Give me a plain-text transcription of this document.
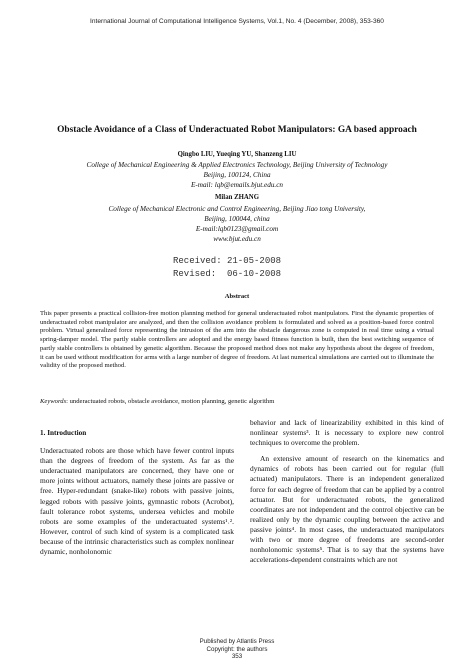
International Journal of Computational Intelligence Systems, Vol.1, No. 4 (December, 2008), 353-360
Obstacle Avoidance of a Class of Underactuated Robot Manipulators: GA based approach
Qingbo LIU, Yueqing YU, Shanzeng LIU
College of Mechanical Engineering & Applied Electronics Technology, Beijing University of Technology
Beijing, 100124, China
E-mail: lqb@emails.bjut.edu.cn
Milan ZHANG
College of Mechanical Electronic and Control Engineering, Beijing Jiao tong University,
Beijing, 100044, china
E-mail:lqb0123@gmail.com
www.bjut.edu.cn
Received: 21-05-2008
Revised:  06-10-2008
Abstract
This paper presents a practical collision-free motion planning method for general underactuated robot manipulators. First the dynamic properties of underactuated robot manipulator are analyzed, and then the collision avoidance problem is formulated and solved as a position-based force control problem. Virtual generalized force representing the intrusion of the arm into the obstacle dangerous zone is computed in real time using a virtual spring-damper model. The partly stable controllers are adopted and the energy based fitness function is built, then the best switching sequence of partly stable controllers is obtained by genetic algorithm. Because the proposed method does not make any hypothesis about the degree of freedom, it can be used without modification for arms with a large number of degree of freedom. At last numerical simulations are carried out to illuminate the validity of the proposed method.
Keywords: underactuated robots, obstacle avoidance, motion planning, genetic algorithm
1. Introduction

Underactuated robots are those which have fewer control inputs than the degrees of freedom of the system. As far as the underactuated manipulators are concerned, they have one or more joints without actuators, namely these joints are passive or free. Hyper-redundant (snake-like) robots with passive joints, legged robots with passive joints, gymnastic robots (Acrobot), fault tolerance robot systems, undersea vehicles and mobile robots are some examples of the underactuated systems¹˒². However, control of such kind of system is a complicated task because of the intrinsic characteristics such as complex nonlinear dynamic, nonholonomic

behavior and lack of linearizability exhibited in this kind of nonlinear systems³. It is necessary to explore new control techniques to overcome the problem.

An extensive amount of research on the kinematics and dynamics of robots has been carried out for regular (full actuated) manipulators. There is an independent generalized force for each degree of freedom that can be applied by a control actuator. But for underactuated robots, the generalized coordinates are not independent and the control objective can be realized only by the dynamic coupling between the active and passive joints⁴. In most cases, the underactuated manipulators with two or more degree of freedoms are second-order nonholonomic systems⁵. That is to say that the systems have accelerations-dependent constraints which are not

Published by Atlantis Press
Copyright: the authors
353
